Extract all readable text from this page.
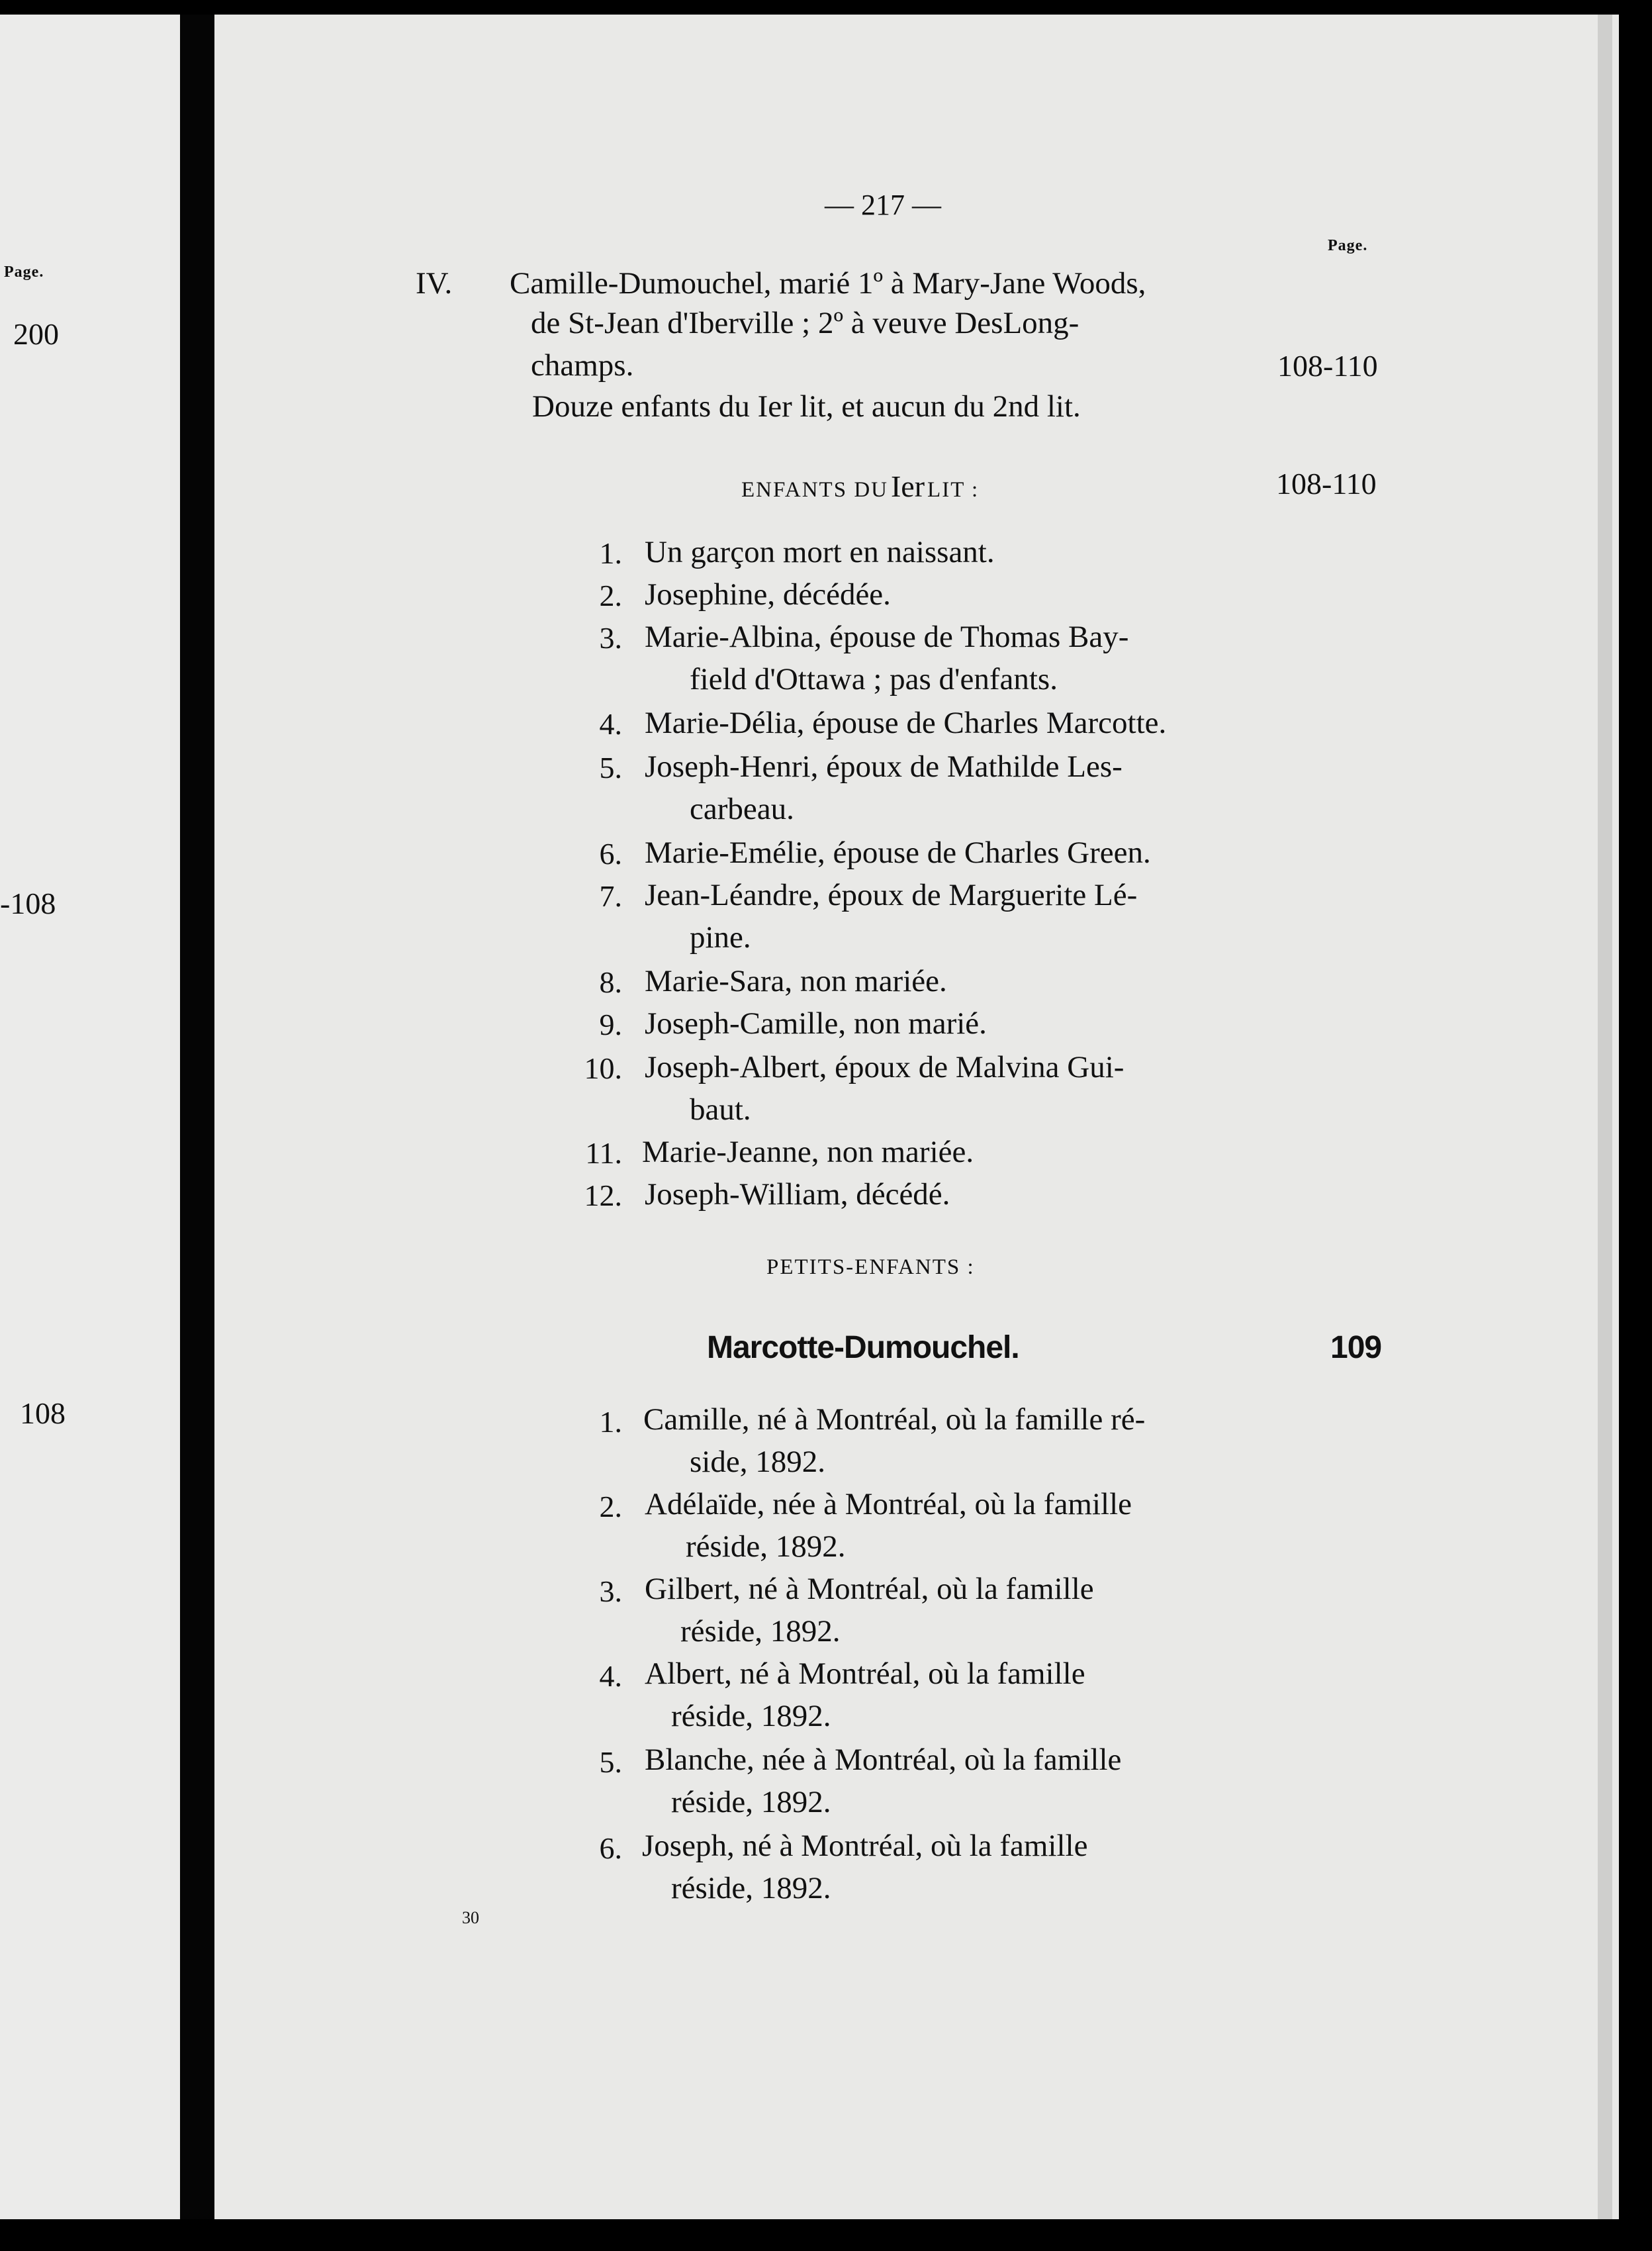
Page.
200
-108
108
— 217 —
Page.
IV. Camille-Dumouchel, marié 1º à Mary-Jane Woods,
de St-Jean d'Iberville ; 2º à veuve DesLong-
champs.
Douze enfants du Ier lit, et aucun du 2nd lit.
108-110
ENFANTS DU Ier LIT :	108-110
1. Un garçon mort en naissant.
2. Josephine, décédée.
3. Marie-Albina, épouse de Thomas Bay-
field d'Ottawa ; pas d'enfants.
4. Marie-Délia, épouse de Charles Marcotte.
5. Joseph-Henri, époux de Mathilde Les-
carbeau.
6. Marie-Emélie, épouse de Charles Green.
7. Jean-Léandre, époux de Marguerite Lé-
pine.
8. Marie-Sara, non mariée.
9. Joseph-Camille, non marié.
10. Joseph-Albert, époux de Malvina Gui-
baut.
11. Marie-Jeanne, non mariée.
12. Joseph-William, décédé.
PETITS-ENFANTS :
Marcotte-Dumouchel.	109
1. Camille, né à Montréal, où la famille ré-
side, 1892.
2. Adélaïde, née à Montréal, où la famille
réside, 1892.
3. Gilbert, né à Montréal, où la famille
réside, 1892.
4. Albert, né à Montréal, où la famille
réside, 1892.
5. Blanche, née à Montréal, où la famille
réside, 1892.
6. Joseph, né à Montréal, où la famille
réside, 1892.
30
